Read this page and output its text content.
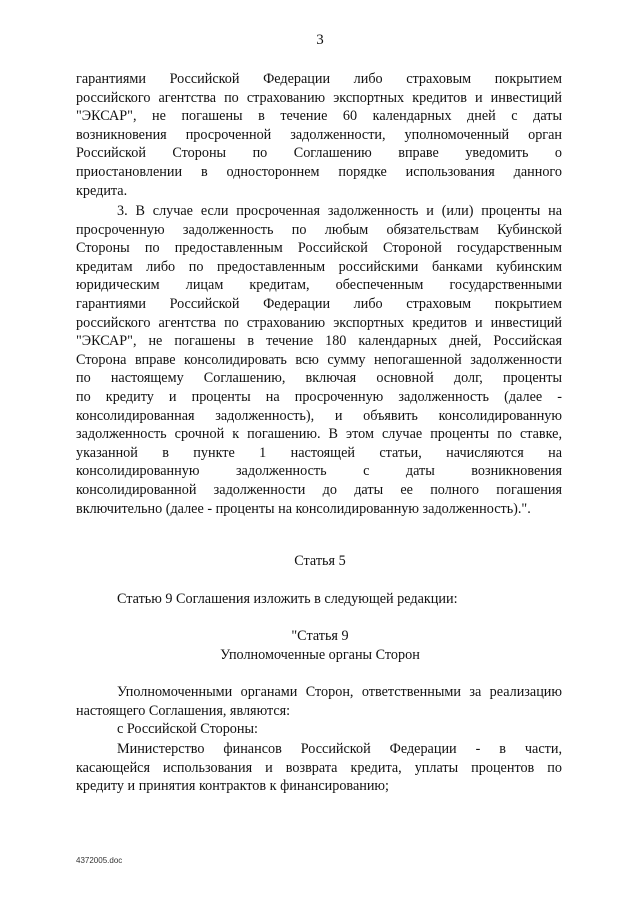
3
гарантиями Российской Федерации либо страховым покрытием
российского агентства по страхованию экспортных кредитов и инвестиций
"ЭКСАР", не погашены в течение 60 календарных дней с даты
возникновения просроченной задолженности, уполномоченный орган
Российской Стороны по Соглашению вправе уведомить о
приостановлении в одностороннем порядке использования данного
кредита.
3. В случае если просроченная задолженность и (или) проценты на
просроченную задолженность по любым обязательствам Кубинской
Стороны по предоставленным Российской Стороной государственным
кредитам либо по предоставленным российскими банками кубинским
юридическим лицам кредитам, обеспеченным государственными
гарантиями Российской Федерации либо страховым покрытием
российского агентства по страхованию экспортных кредитов и инвестиций
"ЭКСАР", не погашены в течение 180 календарных дней, Российская
Сторона вправе консолидировать всю сумму непогашенной задолженности
по настоящему Соглашению, включая основной долг, проценты
по кредиту и проценты на просроченную задолженность (далее -
консолидированная задолженность), и объявить консолидированную
задолженность срочной к погашению. В этом случае проценты по ставке,
указанной в пункте 1 настоящей статьи, начисляются на
консолидированную задолженность с даты возникновения
консолидированной задолженности до даты ее полного погашения
включительно (далее - проценты на консолидированную задолженность).".
Статья 5
Статью 9 Соглашения изложить в следующей редакции:
"Статья 9
Уполномоченные органы Сторон
Уполномоченными органами Сторон, ответственными за реализацию
настоящего Соглашения, являются:
с Российской Стороны:
Министерство финансов Российской Федерации - в части,
касающейся использования и возврата кредита, уплаты процентов по
кредиту и принятия контрактов к финансированию;
4372005.doc
